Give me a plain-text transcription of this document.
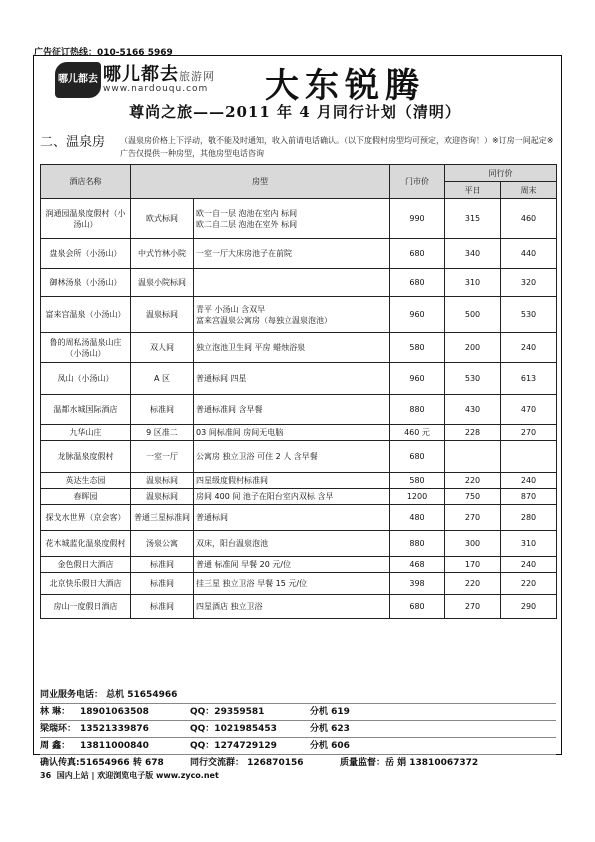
广告征订热线：010-5166 5969
哪儿都去 哪儿都去旅游网
www.nardouqu.com 大东锐腾
尊尚之旅——2011 年 4 月同行计划（清明）
二、温泉房 （温泉房价格上下浮动，敬不能及时通知，收入前请电话确认。（以下度假村房型均可预定，欢迎咨询！）※订房一间起定※ 广告仅提供一种房型，其他房型电话咨询
酒店名称	房型		门市价	同行价	
				平日	周末
润通园温泉度假村（小汤山）	欧式标间	欧一自一层 泡池在室内 标间
欧二自二层 泡池在室外 标间	990	315	460
盘泉会所（小汤山）	中式竹林小院	一室一厅大床房池子在前院	680	340	440
御林汤泉（小汤山）	温泉小院标间		680	310	320
富来宫温泉（小汤山）	温泉标间	青平 小汤山 含双早
富来宫温泉公寓房（每独立温泉泡池）	960	500	530
鲁的周私汤温泉山庄（小汤山）	双人间	独立泡池卫生间 平房 蜡烛浴泉	580	200	240
凤山（小汤山）	A 区	普通标间 四星	960	530	613
温都水城国际酒店	标准间	普通标准间 含早餐	880	430	470
九华山庄	9 区准二	03 间标准间 房间无电脑	460 元	228	270
龙脉温泉度假村	一室一厅	公寓房 独立卫浴 可住 2 人 含早餐	680		
英达生态园	温泉标间	四星级度假村标准间	580	220	240
春晖园	温泉标间	房间 400 间 池子在阳台室内双标 含早	1200	750	870
探戈水世界（京会客）	普通三星标准间	普通标间	480	270	280
花木城蓝化温泉度假村	汤泉公寓	双床，阳台温泉泡池	880	300	310
金色假日大酒店	标准间	普通 标准间 早餐 20 元/位	468	170	240
北京快乐假日大酒店	标准间	挂三星 独立卫浴 早餐 15 元/位	398	220	220
房山一度假日酒店	标准间	四星酒店 独立卫浴	680	270	290
同业服务电话： 总机 51654966
林 琳： 18901063508	QQ：29359581	分机 619
梁瑞环： 13521339876	QQ：1021985453	分机 623
周 鑫： 13811000840	QQ：1274729129	分机 606
确认传真:51654966 转 678	同行交流群： 126870156	质量监督：岳 娟 13810067372
36 国内上站 | 欢迎浏览电子版 www.zyco.net
